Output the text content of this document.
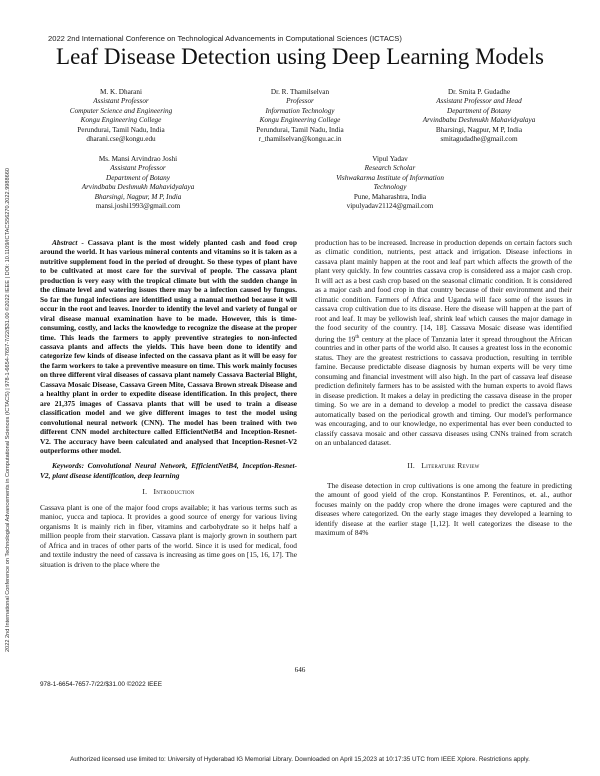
2022 2nd International Conference on Technological Advancements in Computational Sciences (ICTACS) | 978-1-6654-7657-7/22/$31.00 ©2022 IEEE | DOI: 10.1109/ICTACS56270.2022.9988660
2022 2nd International Conference on Technological Advancements in Computational Sciences (ICTACS)
Leaf Disease Detection using Deep Learning Models
M. K. Dharani
Assistant Professor
Computer Science and Engineering
Kongu Engineering College
Perundurai, Tamil Nadu, India
dharani.cse@kongu.edu
Dr. R. Thamilselvan
Professor
Information Technology
Kongu Engineering College
Perundurai, Tamil Nadu, India
r_thamilselvan@kongu.ac.in
Dr. Smita P. Gudadhe
Assistant Professor and Head
Department of Botany
Arvindbabu Deshmukh Mahavidyalaya
Bharsingi, Nagpur, M P, India
smitagudadhe@gmail.com
Ms. Mansi Arvindrao Joshi
Assistant Professor
Department of Botany
Arvindbabu Deshmukh Mahavidyalaya
Bharsingi, Nagpur, M P, India
mansi.joshi1993@gmail.com
Vipul Yadav
Research Scholar
Vishwakarma Institute of Information
Technology
Pune, Maharashtra, India
vipulyadav21124@gmail.com

Abstract - Cassava plant is the most widely planted cash and food crop around the world. It has various mineral contents and vitamins so it is taken as a nutritive supplement food in the period of drought. So these types of plant have to be cultivated at most care for the survival of people. The cassava plant production is very easy with the tropical climate but with the sudden change in the climate level and watering issues there may be a infection caused by fungus. So far the fungal infections are identified using a manual method because it will occur in the root and leaves. Inorder to identify the level and variety of fungal or viral disease manual examination have to be made. However, this is time-consuming, costly, and lacks the knowledge to recognize the disease at the proper time. This leads the farmers to apply preventive strategies to non-infected cassava plants and affects the yields. This have been done to identify and categorize few kinds of disease infected on the cassava plant as it will be easy for the farm workers to take a preventive measure on time. This work mainly focuses on three different viral diseases of cassava plant namely Cassava Bacterial Blight, Cassava Mosaic Disease, Cassava Green Mite, Cassava Brown streak Disease and a healthy plant in order to expedite disease identification. In this project, there are 21,375 images of Cassava plants that will be used to train a disease classification model and we give different images to test the model using convolutional neural network (CNN). The model has been trained with two different CNN model architecture called EfficientNetB4 and Inception-Resnet-V2. The accuracy have been calculated and analysed that Inception-Resnet-V2 outperforms other model.

Keywords: Convolutional Neural Network, EfficientNetB4, Inception-Resnet-V2, plant disease identification, deep learning

I. Introduction

Cassava plant is one of the major food crops available; it has various terms such as manioc, yucca and tapioca. It provides a good source of energy for various living organisms It is mainly rich in fiber, vitamins and carbohydrate so it helps half a million people from their starvation. Cassava plant is majorly grown in southern part of Africa and in traces of other parts of the world. Since it is used for medical, food and textile industry the need of cassava is increasing as time goes on [15, 16, 17]. The situation is driven to the place where the

production has to be increased. Increase in production depends on certain factors such as climatic condition, nutrients, pest attack and irrigation. Disease infections in cassava plant mainly happen at the root and leaf part which affects the growth of the plant very quickly. In few countries cassava crop is considered ass a major cash crop. It will act as a best cash crop based on the seasonal climatic condition. It is considered as a major cash and food crop in that country because of their environment and their climatic condition. Farmers of Africa and Uganda will face some of the issues in cassava crop cultivation due to its disease. Here the disease will happen at the part of root and leaf. It may be yellowish leaf, shrink leaf which causes the major damage in the food security of the country. [14, 18]. Cassava Mosaic disease was identified during the 19th century at the place of Tanzania later it spread throughout the African countries and in other parts of the world also. It causes a greatest loss in the economic status. They are the greatest restrictions to cassava production, resulting in terrible famine. Because predictable disease diagnosis by human experts will be very time consuming and financial investment will also high. In the part of cassava leaf disease prediction definitely farmers has to be assisted with the human experts to avoid flaws in disease prediction. It makes a delay in predicting the cassava disease in the proper timing. So we are in a demand to develop a model to predict the cassava disease automatically based on the periodical growth and timing. Our model's performance was encouraging, and to our knowledge, no experimental has ever been conducted to classify cassava mosaic and other cassava diseases using CNNs trained from scratch on an unbalanced dataset.

II. Literature Review

The disease detection in crop cultivations is one among the feature in predicting the amount of good yield of the crop. Konstantinos P. Ferentinos, et. al., author focuses mainly on the paddy crop where the drone images were captured and the diseases where categorized. On the early stage images they developed a learning to identify disease at the earlier stage [1,12]. It well categorizes the disease to the maximum of 84%

646
978-1-6654-7657-7/22/$31.00 ©2022 IEEE
Authorized licensed use limited to: University of Hyderabad IG Memorial Library. Downloaded on April 15,2023 at 10:17:35 UTC from IEEE Xplore. Restrictions apply.
